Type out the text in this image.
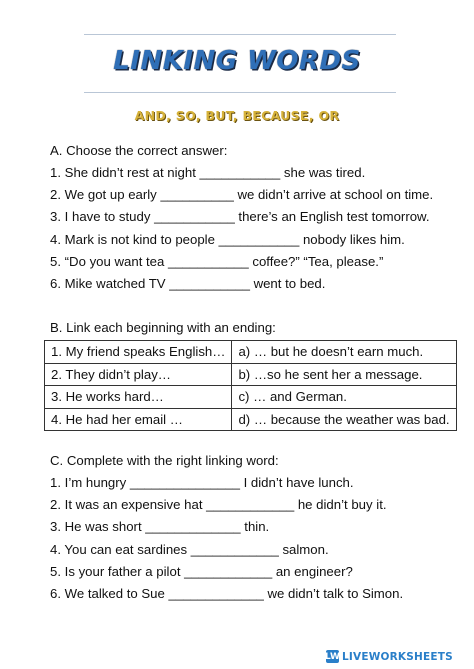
LINKING WORDS
AND, SO, BUT, BECAUSE, OR
A. Choose the correct answer:
1. She didn’t rest at night ___________ she was tired.
2. We got up early __________ we didn’t arrive at school on time.
3. I have to study ___________ there’s an English test tomorrow.
4. Mark is not kind to people ___________ nobody likes him.
5. “Do you want tea ___________ coffee?” “Tea, please.”
6. Mike watched TV ___________ went to bed.
B. Link each beginning with an ending:
1. My friend speaks English…	a) … but he doesn’t earn much.
2. They didn’t play…	b) …so he sent her a message.
3. He works hard…	c) … and German.
4. He had her email …	d) … because the weather was bad.
C. Complete with the right linking word:
1. I’m hungry _______________ I didn’t have lunch.
2. It was an expensive hat ____________ he didn’t buy it.
3. He was short _____________ thin.
4. You can eat sardines ____________ salmon.
5. Is your father a pilot ____________ an engineer?
6. We talked to Sue _____________ we didn’t talk to Simon.
LW LIVEWORKSHEETS
